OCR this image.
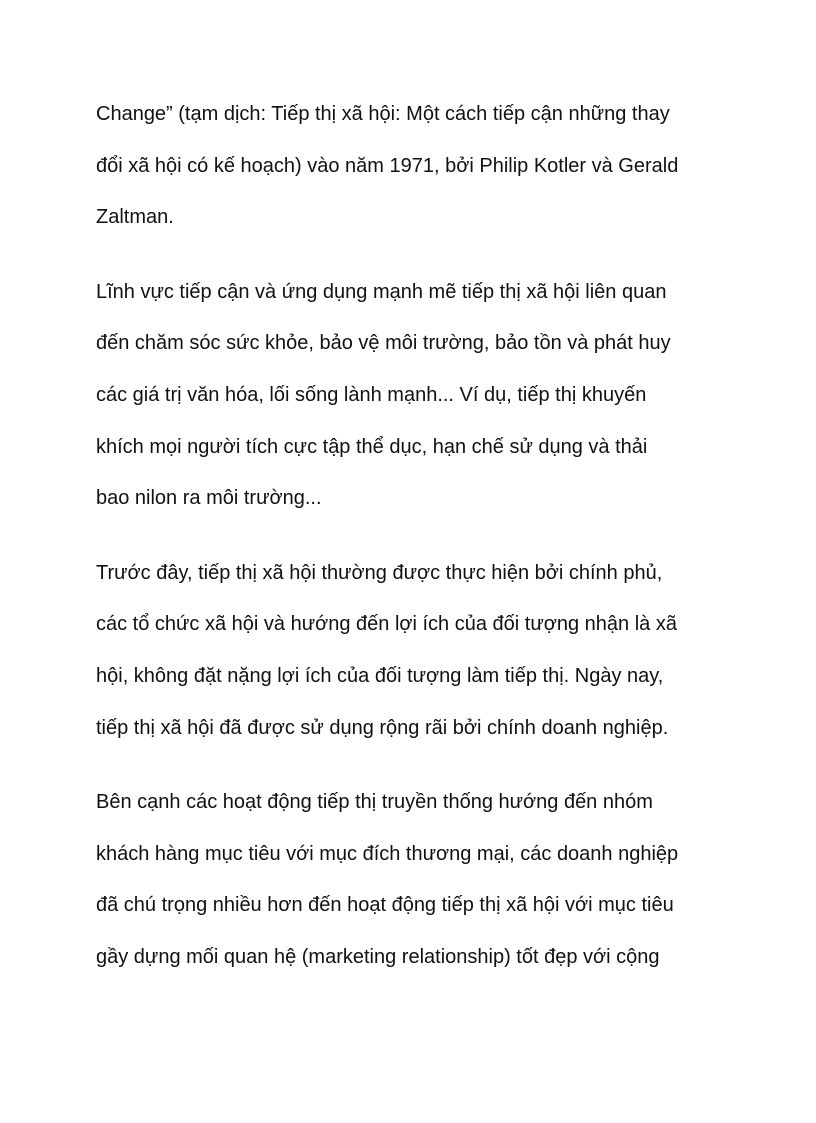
Change” (tạm dịch: Tiếp thị xã hội: Một cách tiếp cận những thay
đổi xã hội có kế hoạch) vào năm 1971, bởi Philip Kotler và Gerald
Zaltman.

Lĩnh vực tiếp cận và ứng dụng mạnh mẽ tiếp thị xã hội liên quan
đến chăm sóc sức khỏe, bảo vệ môi trường, bảo tồn và phát huy
các giá trị văn hóa, lối sống lành mạnh... Ví dụ, tiếp thị khuyến
khích mọi người tích cực tập thể dục, hạn chế sử dụng và thải
bao nilon ra môi trường...

Trước đây, tiếp thị xã hội thường được thực hiện bởi chính phủ,
các tổ chức xã hội và hướng đến lợi ích của đối tượng nhận là xã
hội, không đặt nặng lợi ích của đối tượng làm tiếp thị. Ngày nay,
tiếp thị xã hội đã được sử dụng rộng rãi bởi chính doanh nghiệp.

Bên cạnh các hoạt động tiếp thị truyền thống hướng đến nhóm
khách hàng mục tiêu với mục đích thương mại, các doanh nghiệp
đã chú trọng nhiều hơn đến hoạt động tiếp thị xã hội với mục tiêu
gầy dựng mối quan hệ (marketing relationship) tốt đẹp với cộng
